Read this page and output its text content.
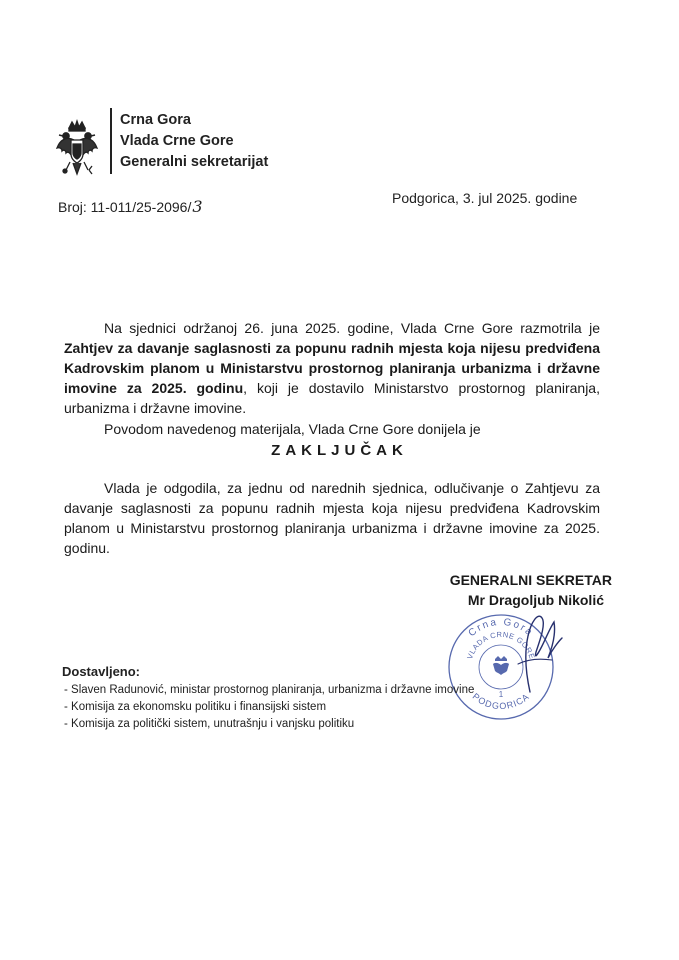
Crna Gora
Vlada Crne Gore
Generalni sekretarijat
Broj: 11-011/25-2096/3	Podgorica, 3. jul 2025. godine
Na sjednici održanoj 26. juna 2025. godine, Vlada Crne Gore razmotrila je Zahtjev za davanje saglasnosti za popunu radnih mjesta koja nijesu predviđena Kadrovskim planom u Ministarstvu prostornog planiranja urbanizma i državne imovine za 2025. godinu, koji je dostavilo Ministarstvo prostornog planiranja, urbanizma i državne imovine.
Povodom navedenog materijala, Vlada Crne Gore donijela je
ZAKLJUČAK
Vlada je odgodila, za jednu od narednih sjednica, odlučivanje o Zahtjevu za davanje saglasnosti za popunu radnih mjesta koja nijesu predviđena Kadrovskim planom u Ministarstvu prostornog planiranja urbanizma i državne imovine za 2025. godinu.
GENERALNI SEKRETAR
Mr Dragoljub Nikolić
Crna Gora
VLADA CRNE GORE
PODGORICA
1
Dostavljeno:
- Slaven Radunović, ministar prostornog planiranja, urbanizma i državne imovine
- Komisija za ekonomsku politiku i finansijski sistem
- Komisija za politički sistem, unutrašnju i vanjsku politiku
